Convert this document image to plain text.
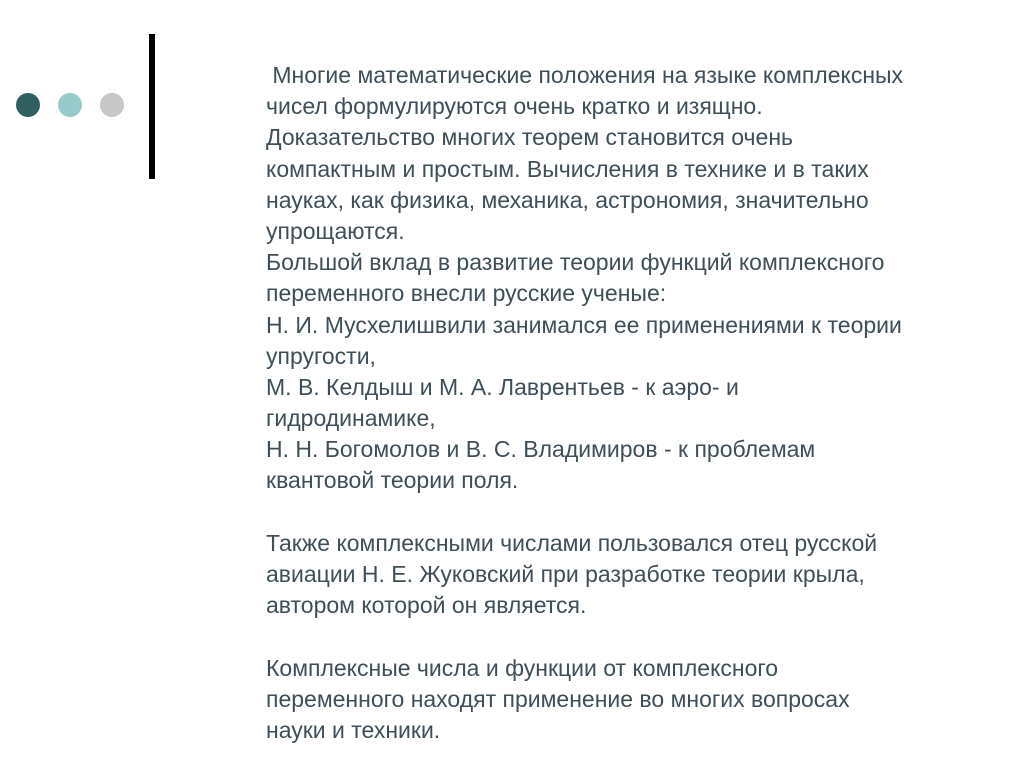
Многие математические положения на языке комплексных
чисел формулируются очень кратко и изящно.
Доказательство многих теорем становится очень
компактным и простым. Вычисления в технике и в таких
науках, как физика, механика, астрономия, значительно
упрощаются.
Большой вклад в развитие теории функций комплексного
переменного внесли русские ученые:
Н. И. Мусхелишвили занимался ее применениями к теории
упругости,
М. В. Келдыш и М. А. Лаврентьев - к аэро- и
гидродинамике,
Н. Н. Богомолов и В. С. Владимиров - к проблемам
квантовой теории поля.
Также комплексными числами пользовался отец русской
авиации Н. Е. Жуковский при разработке теории крыла,
автором которой он является.
Комплексные числа и функции от комплексного
переменного находят применение во многих вопросах
науки и техники.
